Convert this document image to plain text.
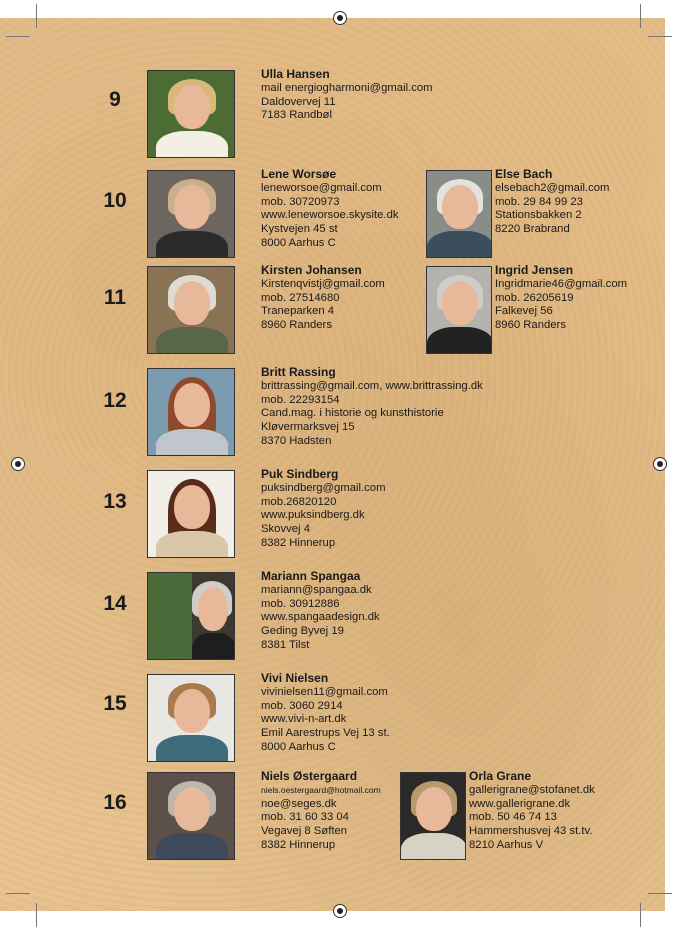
9
Ulla Hansen
mail energiogharmoni@gmail.com
Daldovervej 11
7183 Randbøl
10
Lene Worsøe
leneworsoe@gmail.com
mob. 30720973
www.leneworsoe.skysite.dk
Kystvejen 45 st
8000 Aarhus C
Else Bach
elsebach2@gmail.com
mob. 29 84 99 23
Stationsbakken 2
8220 Brabrand
11
Kirsten Johansen
Kirstenqvistj@gmail.com
mob. 27514680
Traneparken 4
8960 Randers
Ingrid Jensen
Ingridmarie46@gmail.com
mob. 26205619
Falkevej 56
8960 Randers
12
Britt Rassing
brittrassing@gmail.com, www.brittrassing.dk
mob. 22293154
Cand.mag. i historie og kunsthistorie
Kløvermarksvej 15
8370 Hadsten
13
Puk Sindberg
puksindberg@gmail.com
mob.26820120
www.puksindberg.dk
Skovvej 4
8382 Hinnerup
14
Mariann Spangaa
mariann@spangaa.dk
mob. 30912886
www.spangaadesign.dk
Geding Byvej 19
8381 Tilst
15
Vivi Nielsen
vivinielsen11@gmail.com
mob. 3060 2914
www.vivi-n-art.dk
Emil Aarestrups Vej 13 st.
8000 Aarhus C
16
Niels Østergaard
niels.oestergaard@hotmail.com
noe@seges.dk
mob. 31 60 33 04
Vegavej 8 Søften
8382 Hinnerup
Orla Grane
gallerigrane@stofanet.dk
www.gallerigrane.dk
mob. 50 46 74 13
Hammershusvej 43 st.tv.
8210 Aarhus V
